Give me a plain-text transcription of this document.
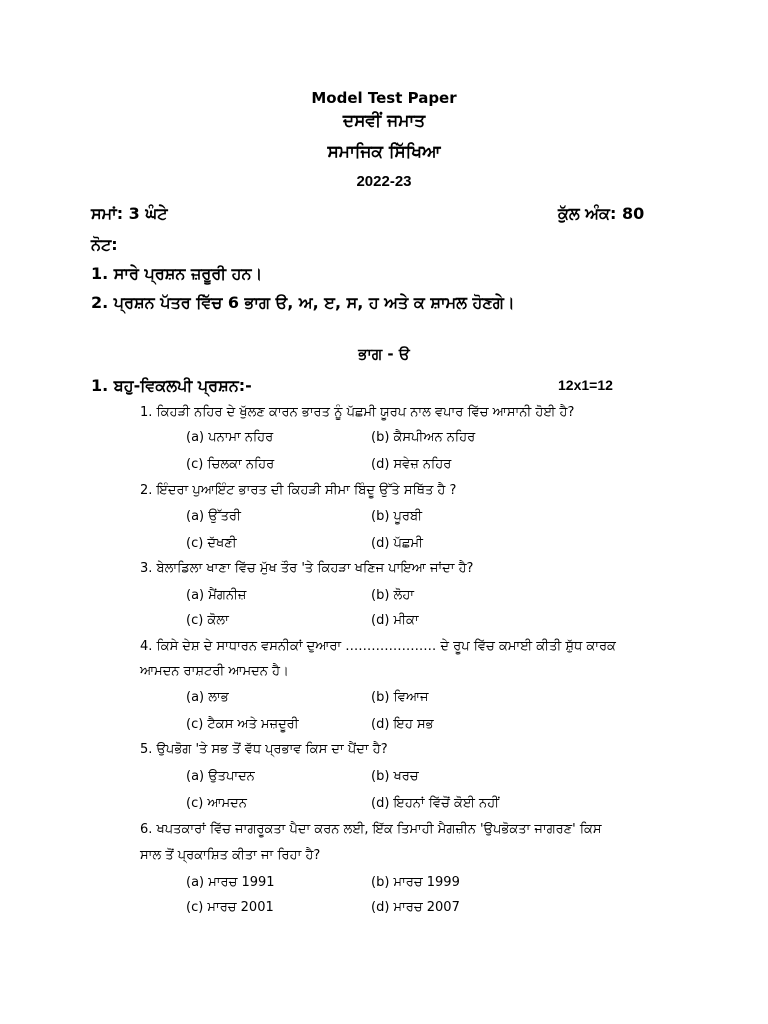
Model Test Paper
ਦਸਵੀਂ ਜਮਾਤ
ਸਮਾਜਿਕ ਸਿੱਖਿਆ
2022-23
ਸਮਾਂ: 3 ਘੰਟੇ	ਕੁੱਲ ਅੰਕ: 80
ਨੋਟ:
1. ਸਾਰੇ ਪ੍ਰਸ਼ਨ ਜ਼ਰੂਰੀ ਹਨ।
2. ਪ੍ਰਸ਼ਨ ਪੱਤਰ ਵਿੱਚ 6 ਭਾਗ ੳ, ਅ, ੲ, ਸ, ਹ ਅਤੇ ਕ ਸ਼ਾਮਲ ਹੋਣਗੇ।
ਭਾਗ - ੳ
1. ਬਹੁ-ਵਿਕਲਪੀ ਪ੍ਰਸ਼ਨ:-	12x1=12
1. ਕਿਹੜੀ ਨਹਿਰ ਦੇ ਖੁੱਲਣ ਕਾਰਨ ਭਾਰਤ ਨੂੰ ਪੱਛਮੀ ਯੂਰਪ ਨਾਲ ਵਪਾਰ ਵਿੱਚ ਆਸਾਨੀ ਹੋਈ ਹੈ?
(a) ਪਨਾਮਾ ਨਹਿਰ	(b) ਕੈਸਪੀਅਨ ਨਹਿਰ
(c) ਚਿਲਕਾ ਨਹਿਰ	(d) ਸਵੇਜ਼ ਨਹਿਰ
2. ਇੰਦਰਾ ਪੁਆਇੰਟ ਭਾਰਤ ਦੀ ਕਿਹੜੀ ਸੀਮਾ ਬਿੰਦੂ ਉੱਤੇ ਸਥਿੱਤ ਹੈ ?
(a) ਉੱਤਰੀ	(b) ਪੂਰਬੀ
(c) ਦੱਖਣੀ	(d) ਪੱਛਮੀ
3. ਬੇਲਾਡਿਲਾ ਖਾਣਾ ਵਿੱਚ ਮੁੱਖ ਤੌਰ 'ਤੇ ਕਿਹੜਾ ਖਣਿਜ ਪਾਇਆ ਜਾਂਦਾ ਹੈ?
(a) ਮੈਂਗਨੀਜ਼	(b) ਲੋਹਾ
(c) ਕੋਲਾ	(d) ਮੀਕਾ
4. ਕਿਸੇ ਦੇਸ਼ ਦੇ ਸਾਧਾਰਨ ਵਸਨੀਕਾਂ ਦੁਆਰਾ ………………… ਦੇ ਰੂਪ ਵਿੱਚ ਕਮਾਈ ਕੀਤੀ ਸ਼ੁੱਧ ਕਾਰਕ
ਆਮਦਨ ਰਾਸ਼ਟਰੀ ਆਮਦਨ ਹੈ।
(a) ਲਾਭ	(b) ਵਿਆਜ
(c) ਟੈਕਸ ਅਤੇ ਮਜ਼ਦੂਰੀ	(d) ਇਹ ਸਭ
5. ਉਪਭੋਗ 'ਤੇ ਸਭ ਤੋਂ ਵੱਧ ਪ੍ਰਭਾਵ ਕਿਸ ਦਾ ਪੈਂਦਾ ਹੈ?
(a) ਉਤਪਾਦਨ	(b) ਖਰਚ
(c) ਆਮਦਨ	(d) ਇਹਨਾਂ ਵਿੱਚੋਂ ਕੋਈ ਨਹੀਂ
6. ਖਪਤਕਾਰਾਂ ਵਿੱਚ ਜਾਗਰੂਕਤਾ ਪੈਦਾ ਕਰਨ ਲਈ, ਇੱਕ ਤਿਮਾਹੀ ਮੈਗਜ਼ੀਨ 'ਉਪਭੋਕਤਾ ਜਾਗਰਣ' ਕਿਸ
ਸਾਲ ਤੋਂ ਪ੍ਰਕਾਸ਼ਿਤ ਕੀਤਾ ਜਾ ਰਿਹਾ ਹੈ?
(a) ਮਾਰਚ 1991	(b) ਮਾਰਚ 1999
(c) ਮਾਰਚ 2001	(d) ਮਾਰਚ 2007
